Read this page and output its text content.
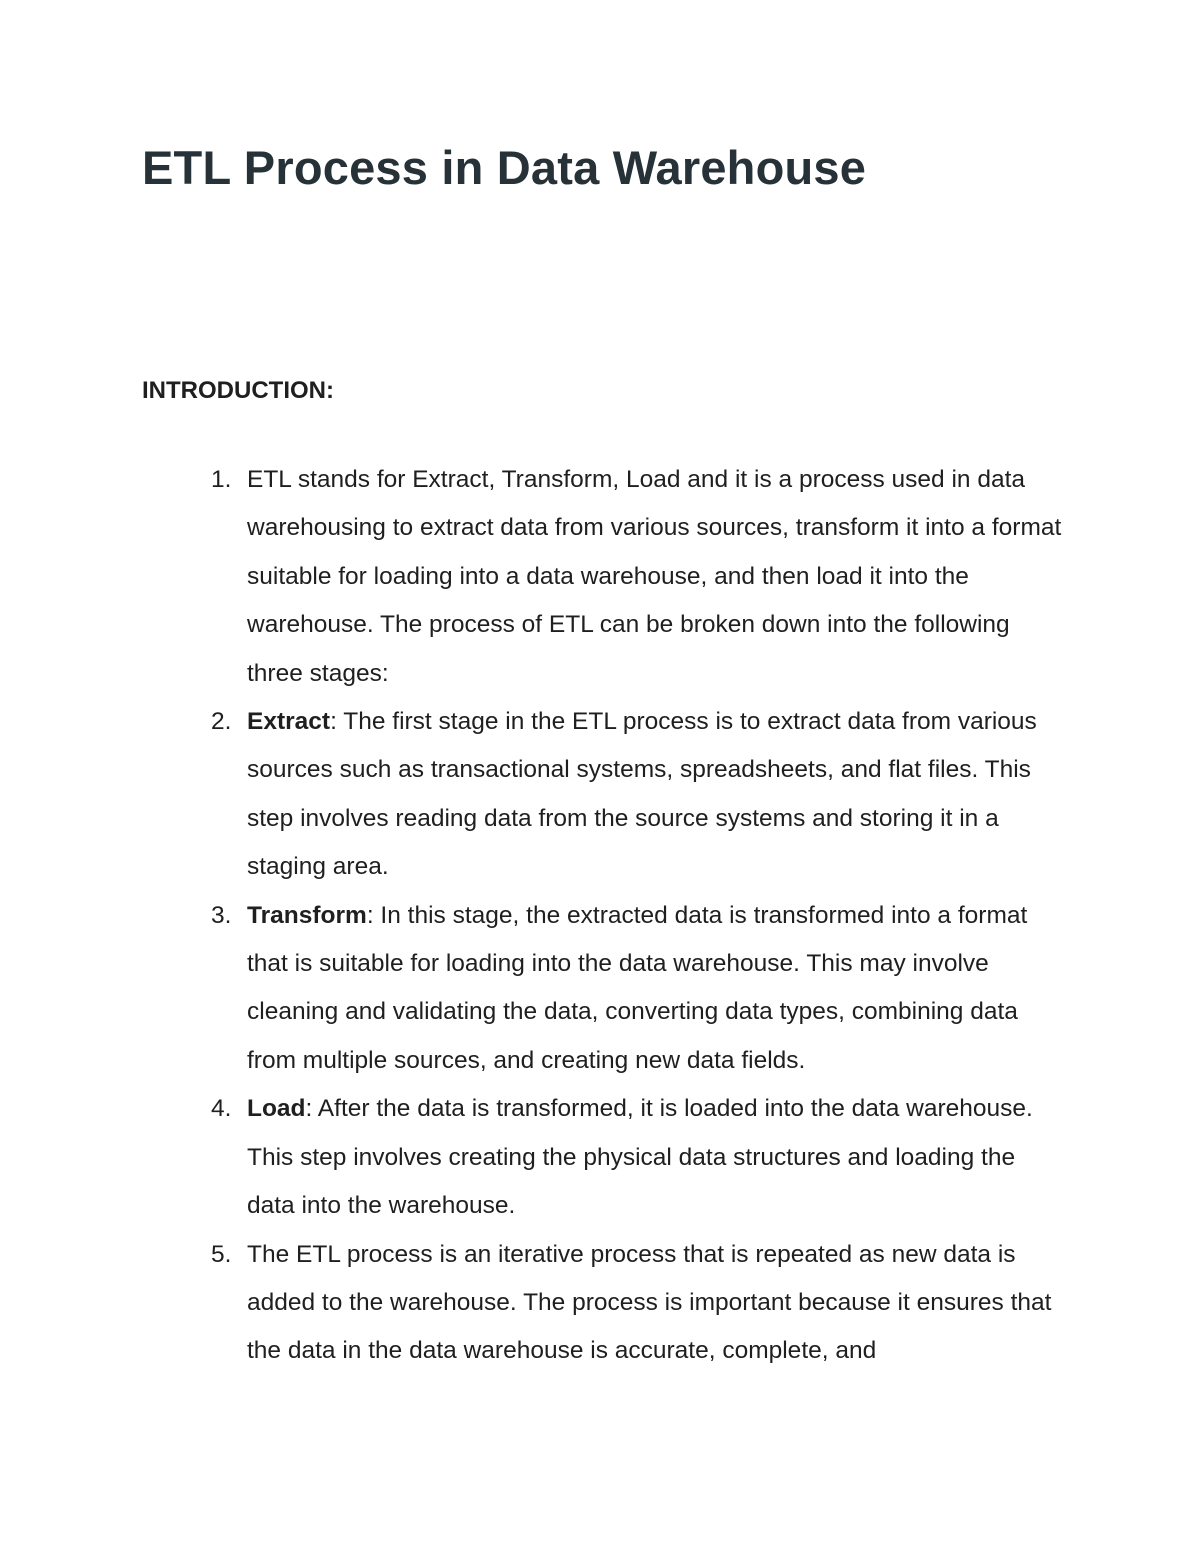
ETL Process in Data Warehouse
INTRODUCTION:
1. ETL stands for Extract, Transform, Load and it is a process used in data warehousing to extract data from various sources, transform it into a format suitable for loading into a data warehouse, and then load it into the warehouse. The process of ETL can be broken down into the following three stages:
2. Extract: The first stage in the ETL process is to extract data from various sources such as transactional systems, spreadsheets, and flat files. This step involves reading data from the source systems and storing it in a staging area.
3. Transform: In this stage, the extracted data is transformed into a format that is suitable for loading into the data warehouse. This may involve cleaning and validating the data, converting data types, combining data from multiple sources, and creating new data fields.
4. Load: After the data is transformed, it is loaded into the data warehouse. This step involves creating the physical data structures and loading the data into the warehouse.
5. The ETL process is an iterative process that is repeated as new data is added to the warehouse. The process is important because it ensures that the data in the data warehouse is accurate, complete, and
